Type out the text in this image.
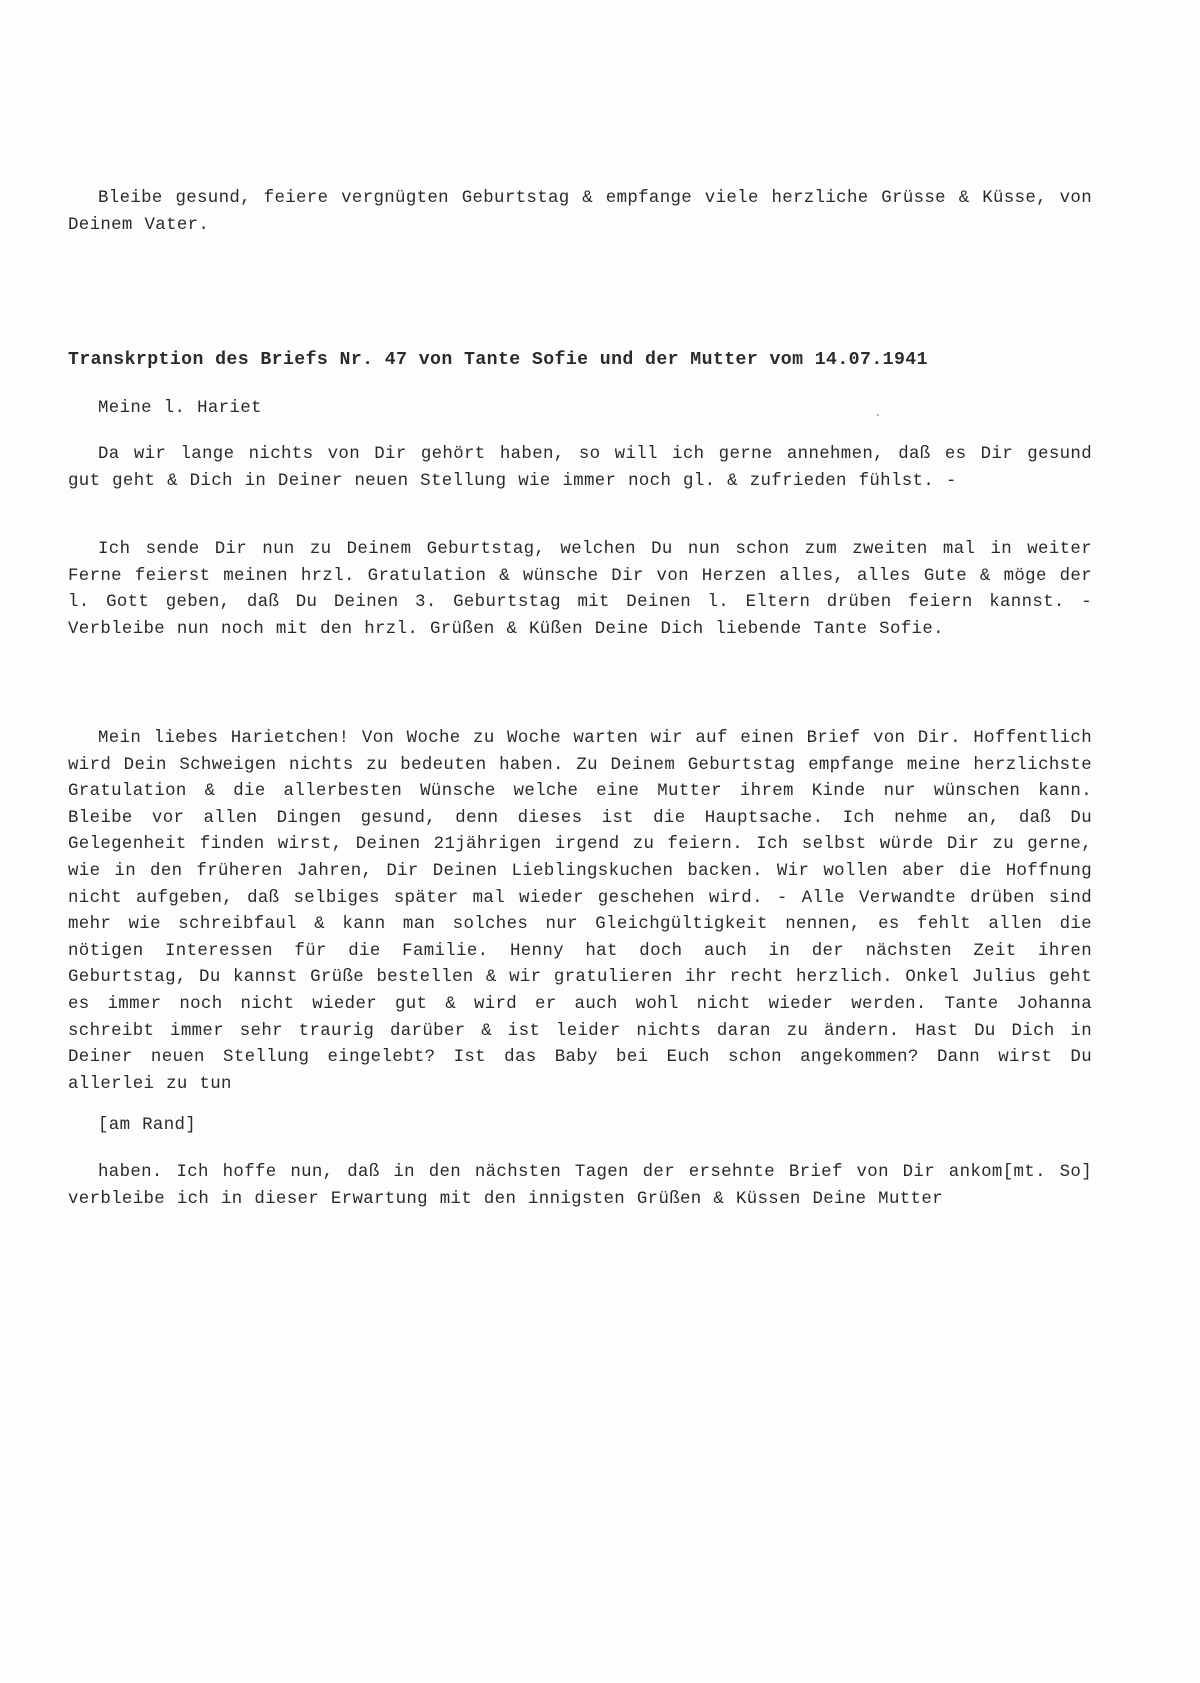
Bleibe gesund, feiere vergnügten Geburtstag & empfange viele herzliche Grüsse & Küsse, von Deinem Vater.

Transkrption des Briefs Nr. 47 von Tante Sofie und der Mutter vom 14.07.1941

Meine l. Hariet

Da wir lange nichts von Dir gehört haben, so will ich gerne annehmen, daß es Dir gesund gut geht & Dich in Deiner neuen Stellung wie immer noch gl. & zufrieden fühlst. -

Ich sende Dir nun zu Deinem Geburtstag, welchen Du nun schon zum zweiten mal in weiter Ferne feierst meinen hrzl. Gratulation & wünsche Dir von Herzen alles, alles Gute & möge der l. Gott geben, daß Du Deinen 3. Geburtstag mit Deinen l. Eltern drüben feiern kannst. - Verbleibe nun noch mit den hrzl. Grüßen & Küßen Deine Dich liebende Tante Sofie.

Mein liebes Harietchen! Von Woche zu Woche warten wir auf einen Brief von Dir. Hoffentlich wird Dein Schweigen nichts zu bedeuten haben. Zu Deinem Geburtstag empfange meine herzlichste Gratulation & die allerbesten Wünsche welche eine Mutter ihrem Kinde nur wünschen kann. Bleibe vor allen Dingen gesund, denn dieses ist die Hauptsache. Ich nehme an, daß Du Gelegenheit finden wirst, Deinen 21jährigen irgend zu feiern. Ich selbst würde Dir zu gerne, wie in den früheren Jahren, Dir Deinen Lieblingskuchen backen. Wir wollen aber die Hoffnung nicht aufgeben, daß selbiges später mal wieder geschehen wird. - Alle Verwandte drüben sind mehr wie schreibfaul & kann man solches nur Gleichgültigkeit nennen, es fehlt allen die nötigen Interessen für die Familie. Henny hat doch auch in der nächsten Zeit ihren Geburtstag, Du kannst Grüße bestellen & wir gratulieren ihr recht herzlich. Onkel Julius geht es immer noch nicht wieder gut & wird er auch wohl nicht wieder werden. Tante Johanna schreibt immer sehr traurig darüber & ist leider nichts daran zu ändern. Hast Du Dich in Deiner neuen Stellung eingelebt? Ist das Baby bei Euch schon angekommen? Dann wirst Du allerlei zu tun

[am Rand]

haben. Ich hoffe nun, daß in den nächsten Tagen der ersehnte Brief von Dir ankom[mt. So] verbleibe ich in dieser Erwartung mit den innigsten Grüßen & Küssen Deine Mutter
